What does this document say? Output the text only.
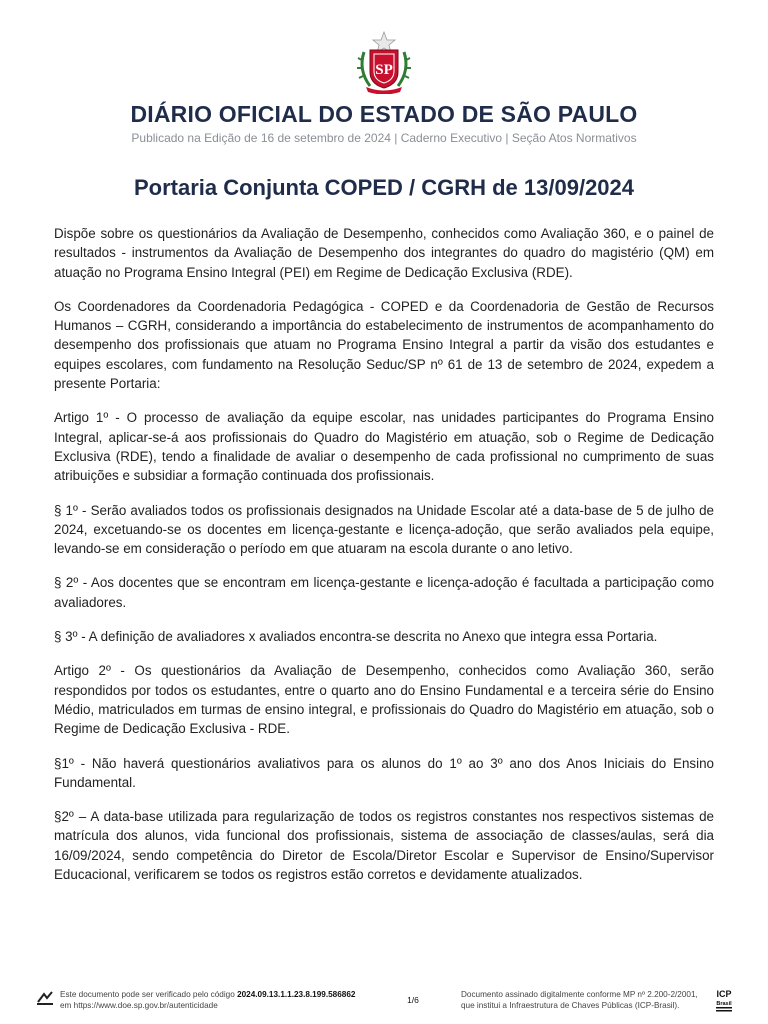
SP
DIÁRIO OFICIAL DO ESTADO DE SÃO PAULO
Publicado na Edição de 16 de setembro de 2024 | Caderno Executivo | Seção Atos Normativos
Portaria Conjunta COPED / CGRH de 13/09/2024

Dispõe sobre os questionários da Avaliação de Desempenho, conhecidos como Avaliação 360, e o painel de resultados - instrumentos da Avaliação de Desempenho dos integrantes do quadro do magistério (QM) em atuação no Programa Ensino Integral (PEI) em Regime de Dedicação Exclusiva (RDE).

Os Coordenadores da Coordenadoria Pedagógica - COPED e da Coordenadoria de Gestão de Recursos Humanos – CGRH, considerando a importância do estabelecimento de instrumentos de acompanhamento do desempenho dos profissionais que atuam no Programa Ensino Integral a partir da visão dos estudantes e equipes escolares, com fundamento na Resolução Seduc/SP nº 61 de 13 de setembro de 2024, expedem a presente Portaria:

Artigo 1º - O processo de avaliação da equipe escolar, nas unidades participantes do Programa Ensino Integral, aplicar-se-á aos profissionais do Quadro do Magistério em atuação, sob o Regime de Dedicação Exclusiva (RDE), tendo a finalidade de avaliar o desempenho de cada profissional no cumprimento de suas atribuições e subsidiar a formação continuada dos profissionais.

§ 1º - Serão avaliados todos os profissionais designados na Unidade Escolar até a data-base de 5 de julho de 2024, excetuando-se os docentes em licença-gestante e licença-adoção, que serão avaliados pela equipe, levando-se em consideração o período em que atuaram na escola durante o ano letivo.

§ 2º - Aos docentes que se encontram em licença-gestante e licença-adoção é facultada a participação como avaliadores.

§ 3º - A definição de avaliadores x avaliados encontra-se descrita no Anexo que integra essa Portaria.

Artigo 2º - Os questionários da Avaliação de Desempenho, conhecidos como Avaliação 360, serão respondidos por todos os estudantes, entre o quarto ano do Ensino Fundamental e a terceira série do Ensino Médio, matriculados em turmas de ensino integral, e profissionais do Quadro do Magistério em atuação, sob o Regime de Dedicação Exclusiva - RDE.

§1º - Não haverá questionários avaliativos para os alunos do 1º ao 3º ano dos Anos Iniciais do Ensino Fundamental.

§2º – A data-base utilizada para regularização de todos os registros constantes nos respectivos sistemas de matrícula dos alunos, vida funcional dos profissionais, sistema de associação de classes/aulas, será dia 16/09/2024, sendo competência do Diretor de Escola/Diretor Escolar e Supervisor de Ensino/Supervisor Educacional, verificarem se todos os registros estão corretos e devidamente atualizados.

Este documento pode ser verificado pelo código 2024.09.13.1.1.23.8.199.586862
em https://www.doe.sp.gov.br/autenticidade
1/6
Documento assinado digitalmente conforme MP nº 2.200-2/2001,
que institui a Infraestrutura de Chaves Públicas (ICP-Brasil).
ICP
Brasil
